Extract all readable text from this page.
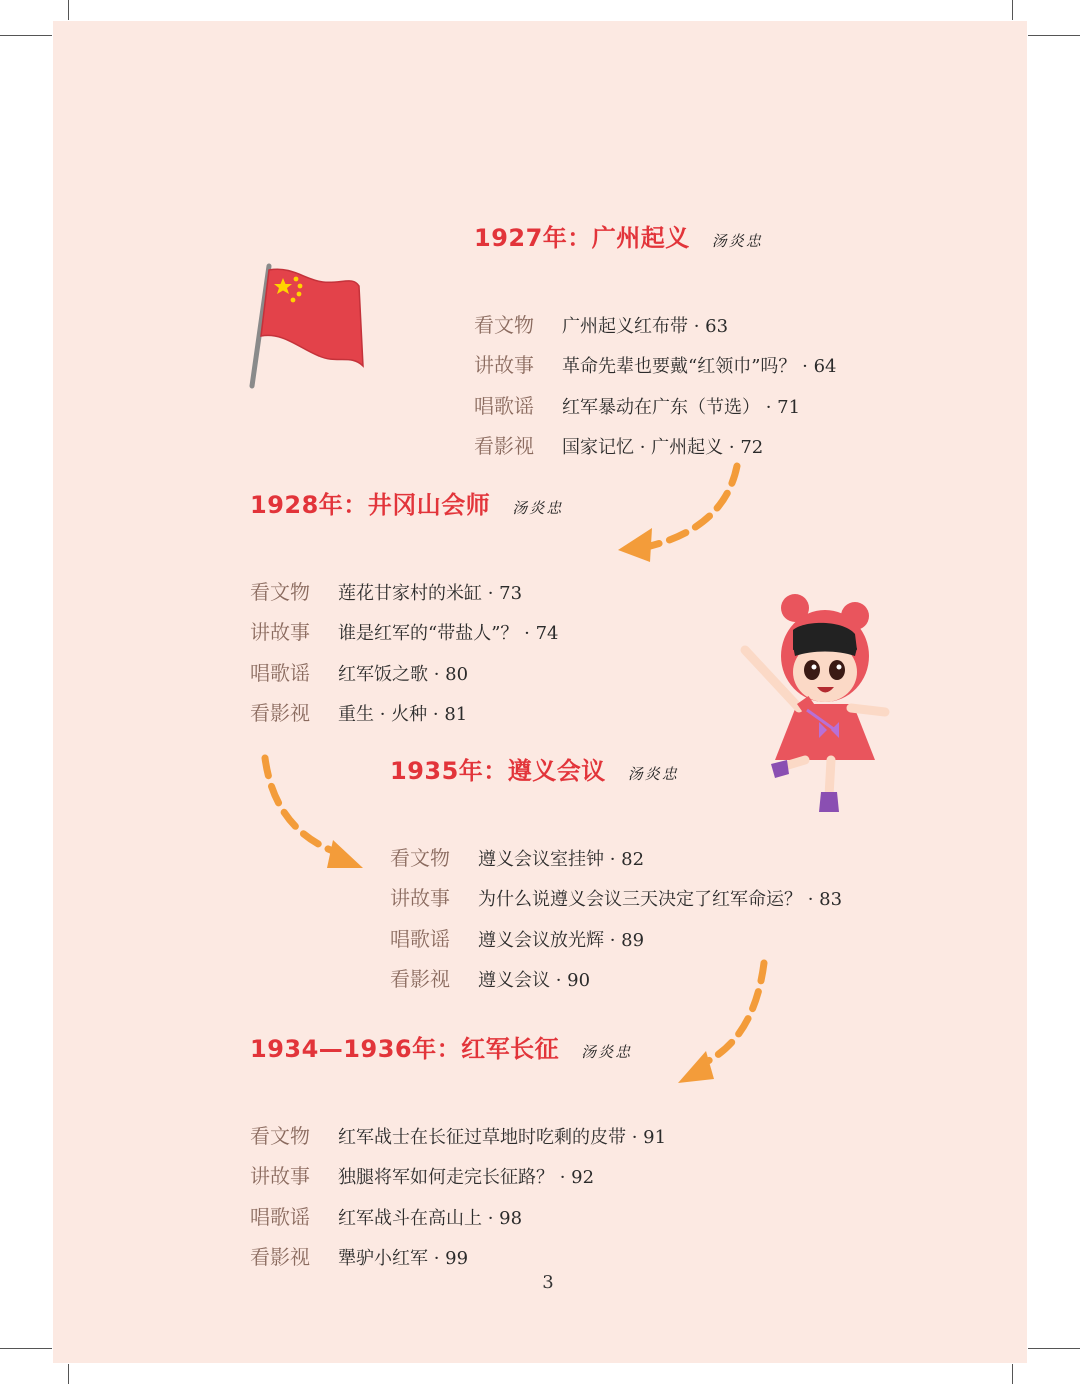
1927年：广州起义 汤炎忠
看文物	广州起义红布带 · 63
讲故事	革命先辈也要戴“红领巾”吗？ · 64
唱歌谣	红军暴动在广东（节选） · 71
看影视	国家记忆 · 广州起义 · 72
1928年：井冈山会师 汤炎忠
看文物	莲花甘家村的米缸 · 73
讲故事	谁是红军的“带盐人”？ · 74
唱歌谣	红军饭之歌 · 80
看影视	重生 · 火种 · 81
1935年：遵义会议 汤炎忠
看文物	遵义会议室挂钟 · 82
讲故事	为什么说遵义会议三天决定了红军命运？ · 83
唱歌谣	遵义会议放光辉 · 89
看影视	遵义会议 · 90
1934—1936年：红军长征 汤炎忠
看文物	红军战士在长征过草地时吃剩的皮带 · 91
讲故事	独腿将军如何走完长征路？ · 92
唱歌谣	红军战斗在高山上 · 98
看影视	犟驴小红军 · 99
3
